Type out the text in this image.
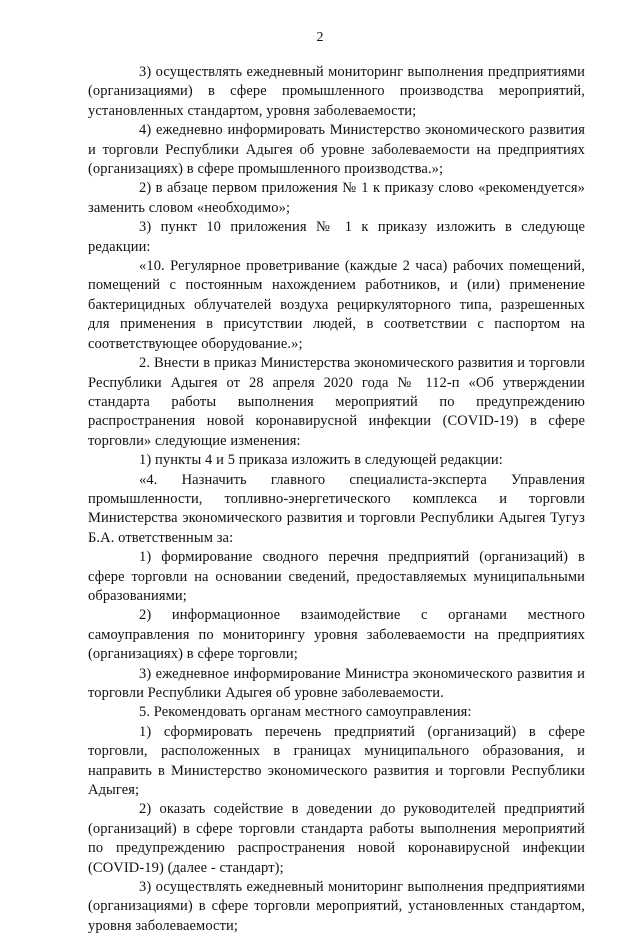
2

3) осуществлять ежедневный мониторинг выполнения предприятиями (организациями) в сфере промышленного производства мероприятий, установленных стандартом, уровня заболеваемости;

4) ежедневно информировать Министерство экономического развития и торговли Республики Адыгея об уровне заболеваемости на предприятиях (организациях) в сфере промышленного производства.»;

2) в абзаце первом приложения № 1 к приказу слово «рекомендуется» заменить словом «необходимо»;

3) пункт 10 приложения № 1 к приказу изложить в следующе редакции:

«10. Регулярное проветривание (каждые 2 часа) рабочих помещений, помещений с постоянным нахождением работников, и (или) применение бактерицидных облучателей воздуха рециркуляторного типа, разрешенных для применения в присутствии людей, в соответствии с паспортом на соответствующее оборудование.»;

2. Внести в приказ Министерства экономического развития и торговли Республики Адыгея от 28 апреля 2020 года № 112-п «Об утверждении стандарта работы выполнения мероприятий по предупреждению распространения новой коронавирусной инфекции (COVID-19) в сфере торговли» следующие изменения:

1) пункты 4 и 5 приказа изложить в следующей редакции:

«4. Назначить главного специалиста-эксперта Управления промышленности, топливно-энергетического комплекса и торговли Министерства экономического развития и торговли Республики Адыгея Тугуз Б.А. ответственным за:

1) формирование сводного перечня предприятий (организаций) в сфере торговли на основании сведений, предоставляемых муниципальными образованиями;

2) информационное взаимодействие с органами местного самоуправления по мониторингу уровня заболеваемости на предприятиях (организациях) в сфере торговли;

3) ежедневное информирование Министра экономического развития и торговли Республики Адыгея об уровне заболеваемости.

5. Рекомендовать органам местного самоуправления:

1) сформировать перечень предприятий (организаций) в сфере торговли, расположенных в границах муниципального образования, и направить в Министерство экономического развития и торговли Республики Адыгея;

2) оказать содействие в доведении до руководителей предприятий (организаций) в сфере торговли стандарта работы выполнения мероприятий по предупреждению распространения новой коронавирусной инфекции (COVID-19) (далее - стандарт);

3) осуществлять ежедневный мониторинг выполнения предприятиями (организациями) в сфере торговли мероприятий, установленных стандартом, уровня заболеваемости;
